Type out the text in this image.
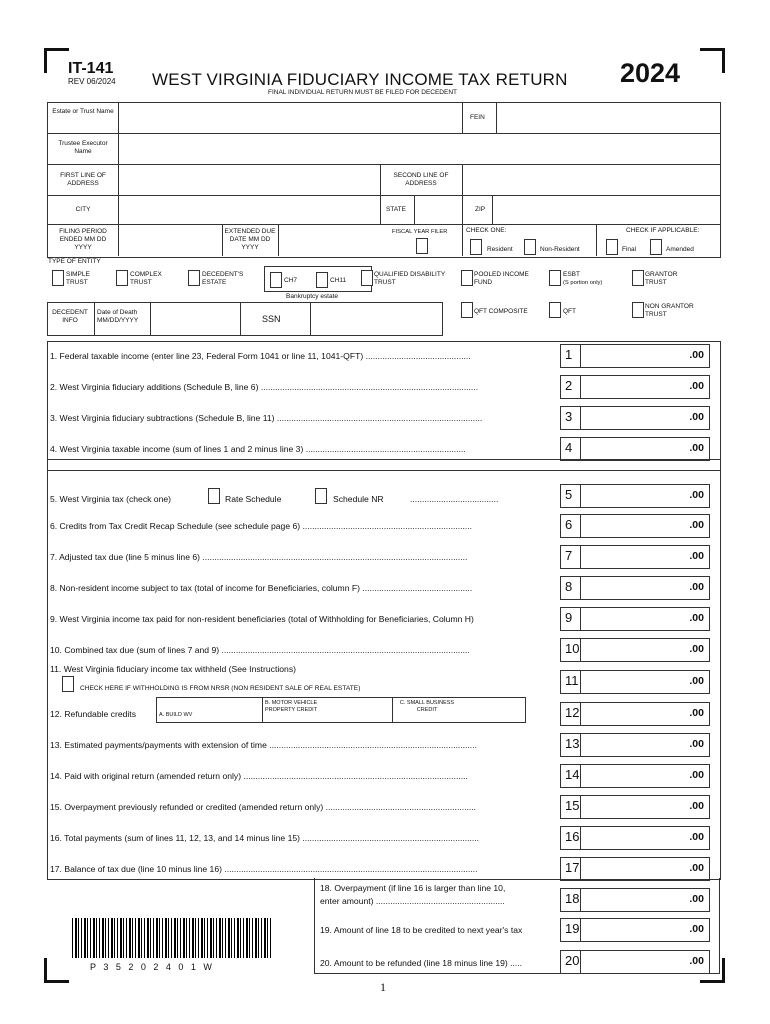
IT-141
REV 06/2024 WEST VIRGINIA FIDUCIARY INCOME TAX RETURN 2024
FINAL INDIVIDUAL RETURN MUST BE FILED FOR DECEDENT
Estate or Trust Name
FEIN
Trustee Executor Name
FIRST LINE OF ADDRESS
SECOND LINE OF ADDRESS
CITY	STATE	ZIP
FILING PERIOD ENDED MM DD YYYY
EXTENDED DUE DATE MM DD YYYY
FISCAL YEAR FILER	CHECK ONE:
Resident	Non-Resident
CHECK IF APPLICABLE:
Final	Amended
TYPE OF ENTITY
SIMPLE TRUST
COMPLEX TRUST
DECEDENT'S ESTATE	CH7	CH11
Bankruptcy estate
QUALIFIED DISABILITY TRUST
POOLED INCOME FUND
ESBT
(S portion only)
GRANTOR TRUST
QFT COMPOSITE	QFT
NON GRANTOR TRUST
DECEDENT INFO
Date of Death MM/DD/YYYY	SSN
1. Federal taxable income (enter line 23, Federal Form 1041 or line 11, 1041-QFT) ............................................	1	.00
2. West Virginia fiduciary additions (Schedule B, line 6) ...........................................................................................	2	.00
3. West Virginia fiduciary subtractions (Schedule B, line 11) ......................................................................................	3	.00
4. West Virginia taxable income (sum of lines 1 and 2 minus line 3) ...................................................................	4	.00
5. West Virginia tax (check one)	Rate Schedule	Schedule NR	.....................................	5	.00
6. Credits from Tax Credit Recap Schedule (see schedule page 6) .......................................................................	6	.00
7. Adjusted tax due (line 5 minus line 6) ...............................................................................................................	7	.00
8. Non-resident income subject to tax (total of income for Beneficiaries, column F) ..............................................	8	.00
9. West Virginia income tax paid for non-resident beneficiaries (total of Withholding for Beneficiaries, Column H)	9	.00
10. Combined tax due (sum of lines 7 and 9) ........................................................................................................	10	.00
11. West Virginia fiduciary income tax withheld (See Instructions)
CHECK HERE IF WITHHOLDING IS FROM NRSR (NON RESIDENT SALE OF REAL ESTATE)
11	.00
12. Refundable credits	A. BUILD WV
B. MOTOR VEHICLE PROPERTY CREDIT
C. SMALL BUSINESS CREDIT	12	.00
13. Estimated payments/payments with extension of time .......................................................................................	13	.00
14. Paid with original return (amended return only) ..............................................................................................	14	.00
15. Overpayment previously refunded or credited (amended return only) ...............................................................	15	.00
16. Total payments (sum of lines 11, 12, 13, and 14 minus line 15) ..........................................................................	16	.00
17. Balance of tax due (line 10 minus line 16) ..........................................................................................................	17	.00
18. Overpayment (if line 16 is larger than line 10,
enter amount) ......................................................	18	.00
19. Amount of line 18 to be credited to next year's tax	19	.00
20. Amount to be refunded (line 18 minus line 19) .....	20	.00
P   3   5   2   0   2   4   0   1   W
1
